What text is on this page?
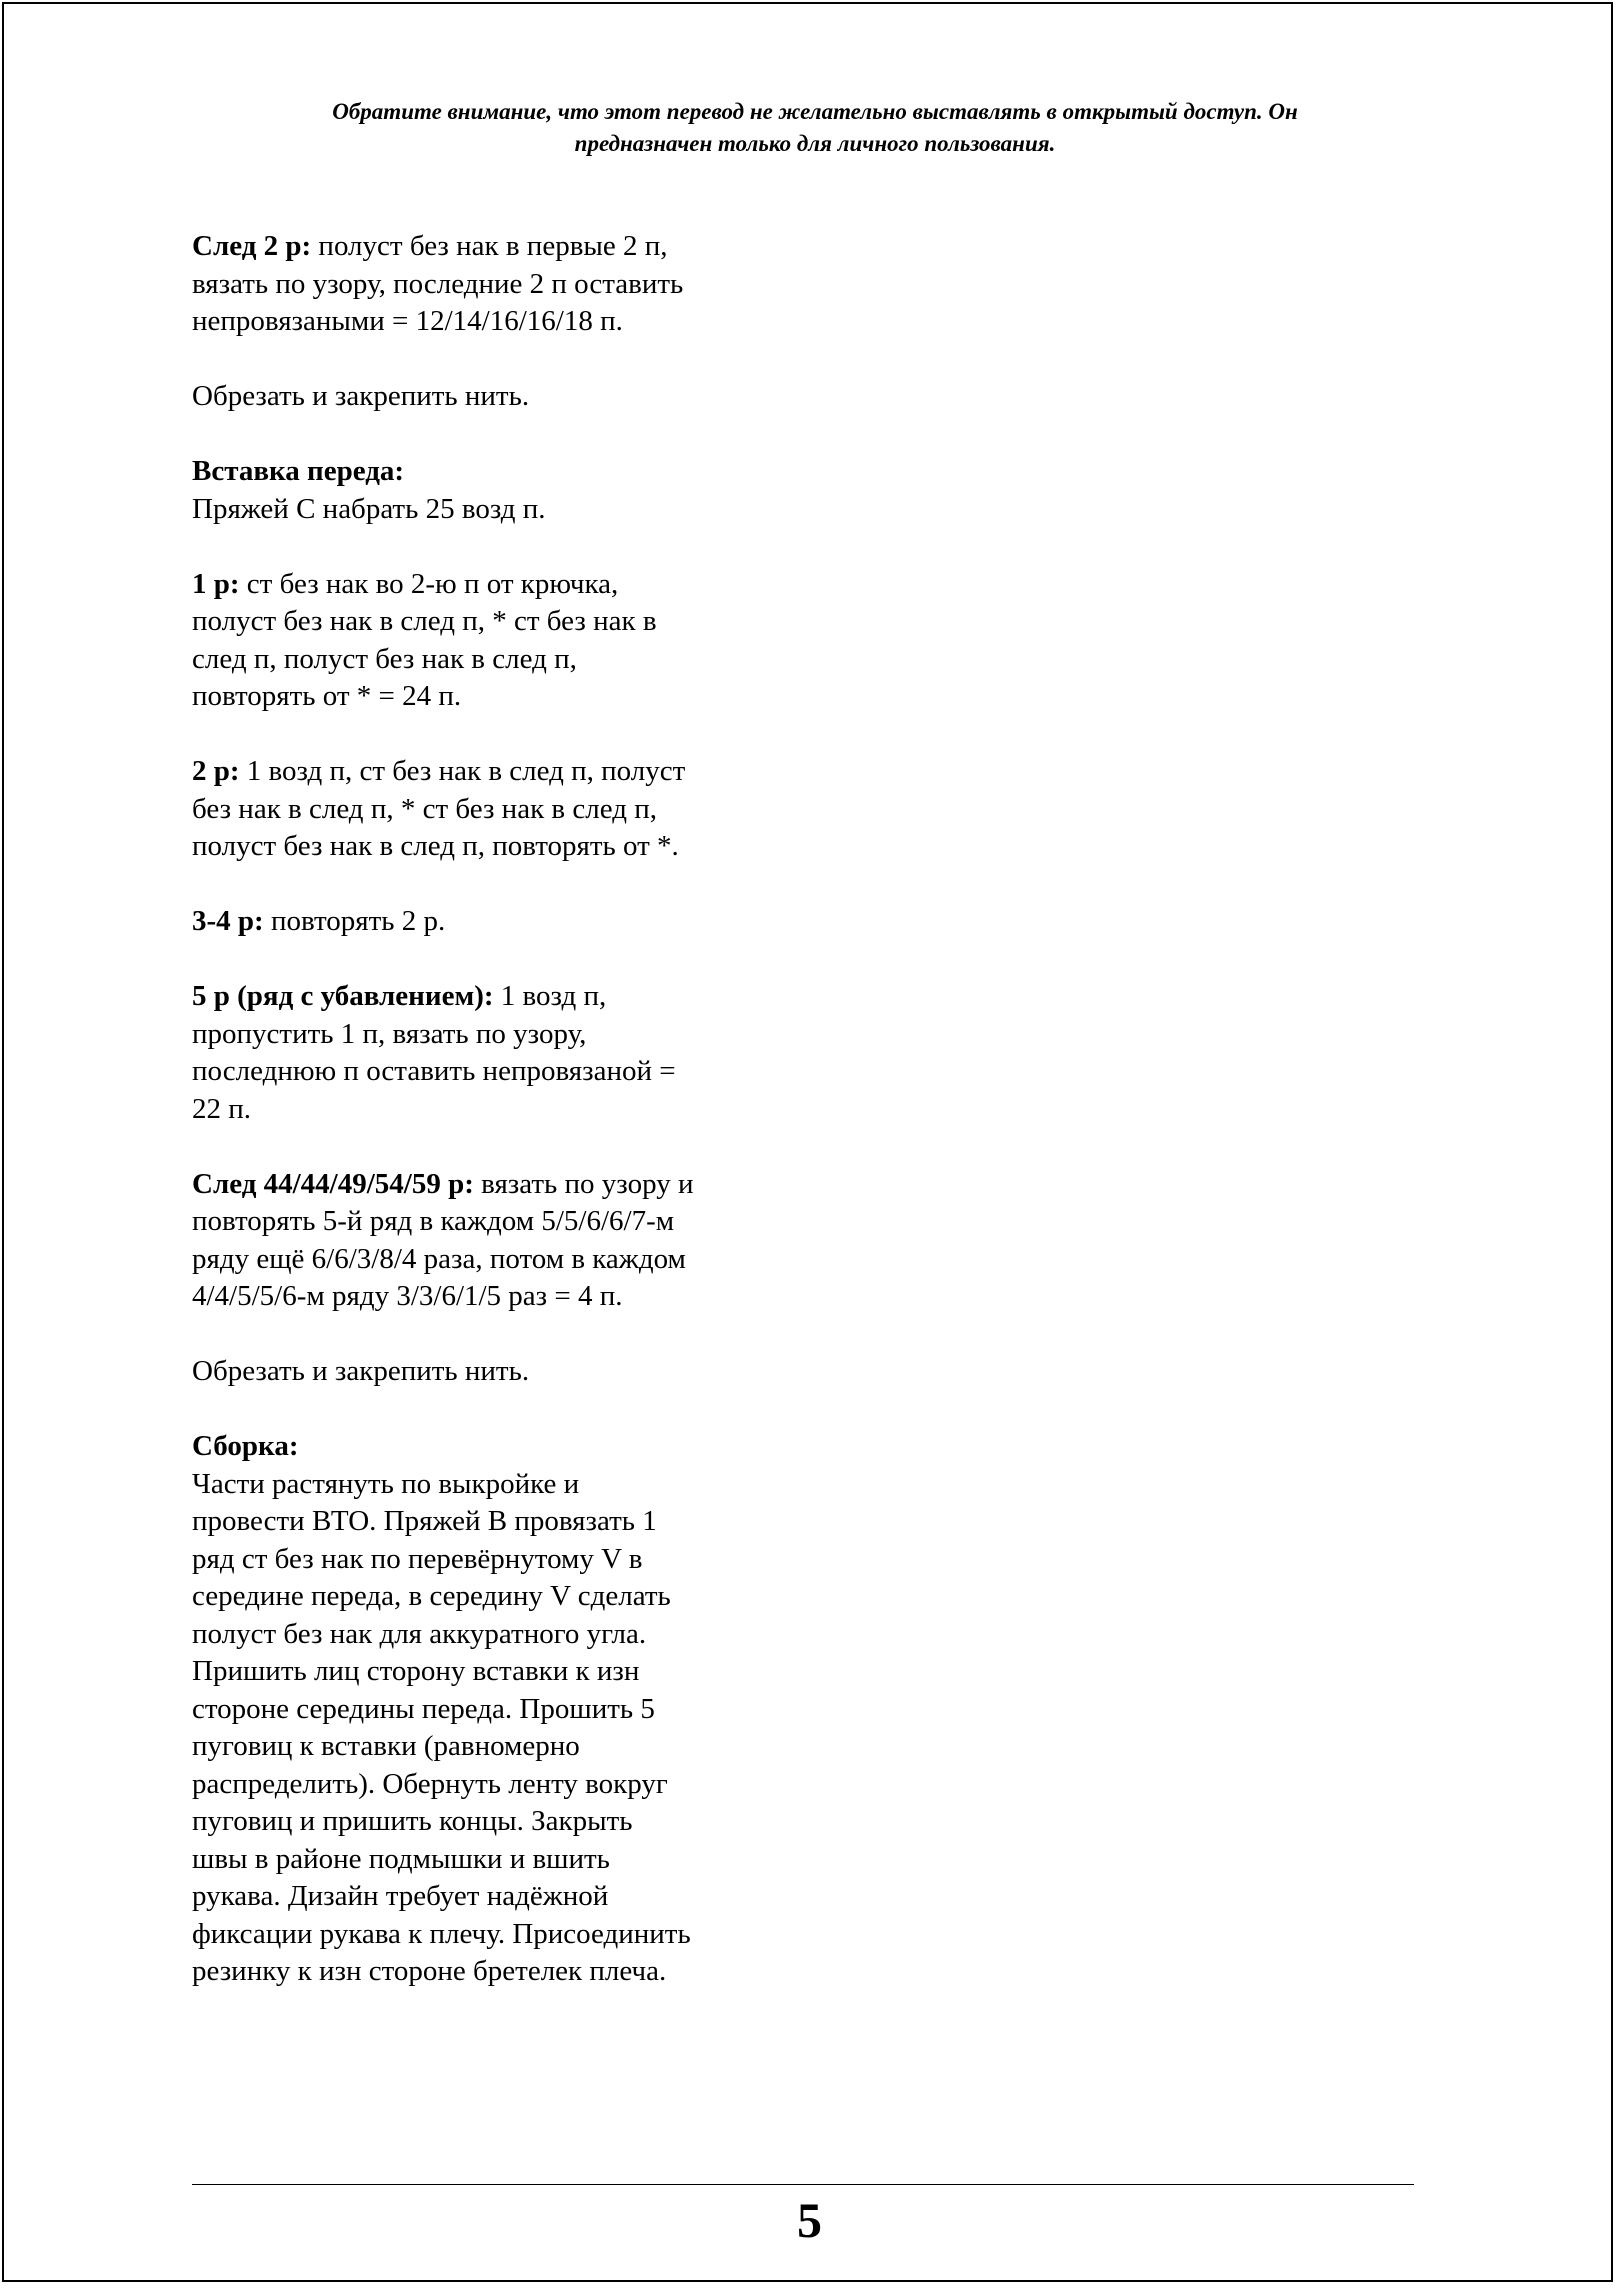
Обратите внимание, что этот перевод не желательно выставлять в открытый доступ. Он
предназначен только для личного пользования.
След 2 р: полуст без нак в первые 2 п,
вязать по узору, последние 2 п оставить
непровязаными = 12/14/16/16/18 п.
Обрезать и закрепить нить.
Вставка переда:
Пряжей С набрать 25 возд п.
1 р: ст без нак во 2-ю п от крючка,
полуст без нак в след п, * ст без нак в
след п, полуст без нак в след п,
повторять от * = 24 п.
2 р: 1 возд п, ст без нак в след п, полуст
без нак в след п, * ст без нак в след п,
полуст без нак в след п, повторять от *.
3-4 р: повторять 2 р.
5 р (ряд с убавлением): 1 возд п,
пропустить 1 п, вязать по узору,
последнюю п оставить непровязаной =
22 п.
След 44/44/49/54/59 р: вязать по узору и
повторять 5-й ряд в каждом 5/5/6/6/7-м
ряду ещё 6/6/3/8/4 раза, потом в каждом
4/4/5/5/6-м ряду 3/3/6/1/5 раз = 4 п.
Обрезать и закрепить нить.
Сборка:
Части растянуть по выкройке и
провести ВТО. Пряжей В провязать 1
ряд ст без нак по перевёрнутому V в
середине переда, в середину V сделать
полуст без нак для аккуратного угла.
Пришить лиц сторону вставки к изн
стороне середины переда. Прошить 5
пуговиц к вставки (равномерно
распределить). Обернуть ленту вокруг
пуговиц и пришить концы. Закрыть
швы в районе подмышки и вшить
рукава. Дизайн требует надёжной
фиксации рукава к плечу. Присоединить
резинку к изн стороне бретелек плеча.
5
